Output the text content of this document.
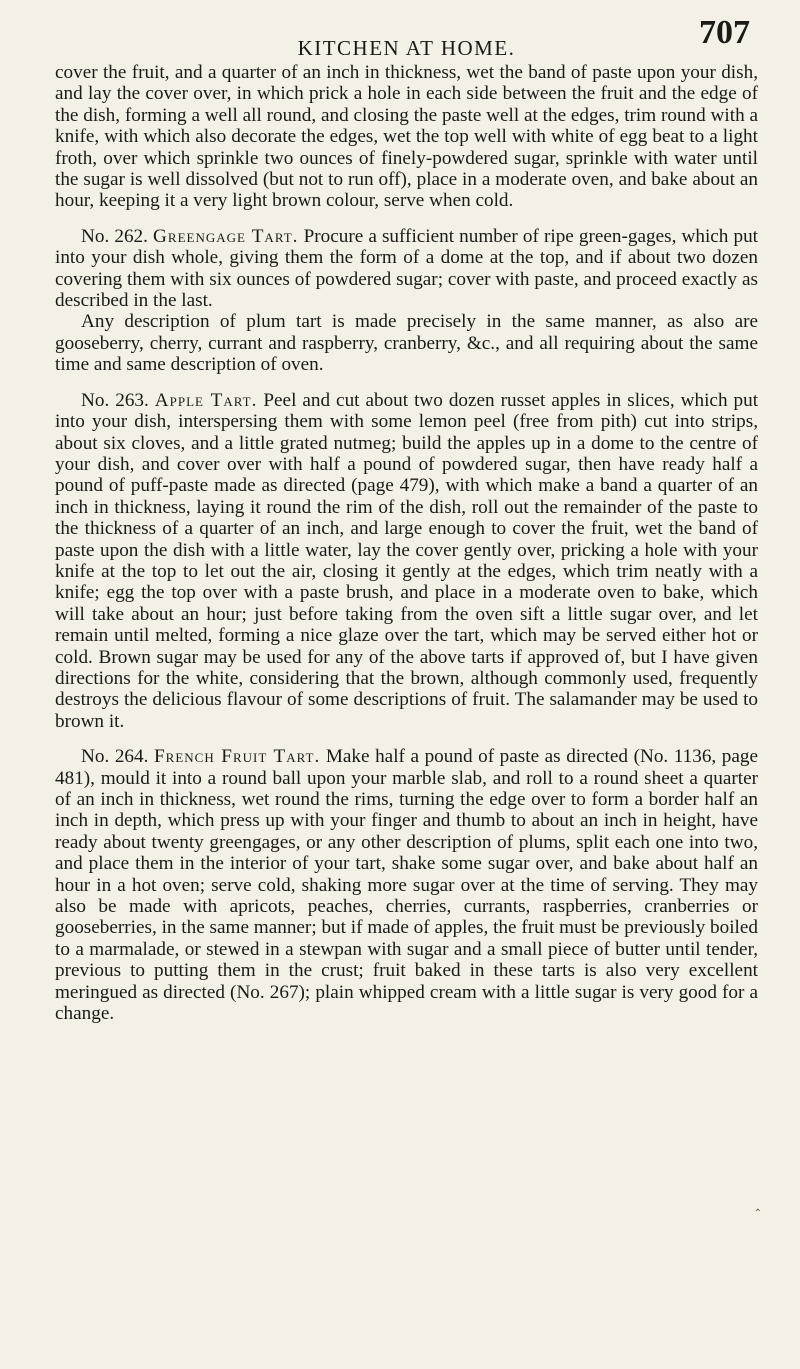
KITCHEN AT HOME.	707

cover the fruit, and a quarter of an inch in thickness, wet the band of paste upon your dish, and lay the cover over, in which prick a hole in each side between the fruit and the edge of the dish, forming a well all round, and closing the paste well at the edges, trim round with a knife, with which also decorate the edges, wet the top well with white of egg beat to a light froth, over which sprinkle two ounces of finely-powdered sugar, sprinkle with water until the sugar is well dissolved (but not to run off), place in a moderate oven, and bake about an hour, keeping it a very light brown colour, serve when cold.

No. 262. Greengage Tart. Procure a sufficient number of ripe green-gages, which put into your dish whole, giving them the form of a dome at the top, and if about two dozen covering them with six ounces of powdered sugar; cover with paste, and proceed exactly as described in the last.

Any description of plum tart is made precisely in the same manner, as also are gooseberry, cherry, currant and raspberry, cranberry, &c., and all requiring about the same time and same description of oven.

No. 263. Apple Tart. Peel and cut about two dozen russet apples in slices, which put into your dish, interspersing them with some lemon peel (free from pith) cut into strips, about six cloves, and a little grated nutmeg; build the apples up in a dome to the centre of your dish, and cover over with half a pound of powdered sugar, then have ready half a pound of puff-paste made as directed (page 479), with which make a band a quarter of an inch in thickness, laying it round the rim of the dish, roll out the remainder of the paste to the thickness of a quarter of an inch, and large enough to cover the fruit, wet the band of paste upon the dish with a little water, lay the cover gently over, pricking a hole with your knife at the top to let out the air, closing it gently at the edges, which trim neatly with a knife; egg the top over with a paste brush, and place in a moderate oven to bake, which will take about an hour; just before taking from the oven sift a little sugar over, and let remain until melted, forming a nice glaze over the tart, which may be served either hot or cold. Brown sugar may be used for any of the above tarts if approved of, but I have given directions for the white, considering that the brown, although commonly used, frequently destroys the delicious flavour of some descriptions of fruit. The salamander may be used to brown it.

No. 264. French Fruit Tart. Make half a pound of paste as directed (No. 1136, page 481), mould it into a round ball upon your marble slab, and roll to a round sheet a quarter of an inch in thickness, wet round the rims, turning the edge over to form a border half an inch in depth, which press up with your finger and thumb to about an inch in height, have ready about twenty greengages, or any other description of plums, split each one into two, and place them in the interior of your tart, shake some sugar over, and bake about half an hour in a hot oven; serve cold, shaking more sugar over at the time of serving. They may also be made with apricots, peaches, cherries, currants, raspberries, cranberries or gooseberries, in the same manner; but if made of apples, the fruit must be previously boiled to a marmalade, or stewed in a stewpan with sugar and a small piece of butter until tender, previous to putting them in the crust; fruit baked in these tarts is also very excellent meringued as directed (No. 267); plain whipped cream with a little sugar is very good for a change.

⌃
